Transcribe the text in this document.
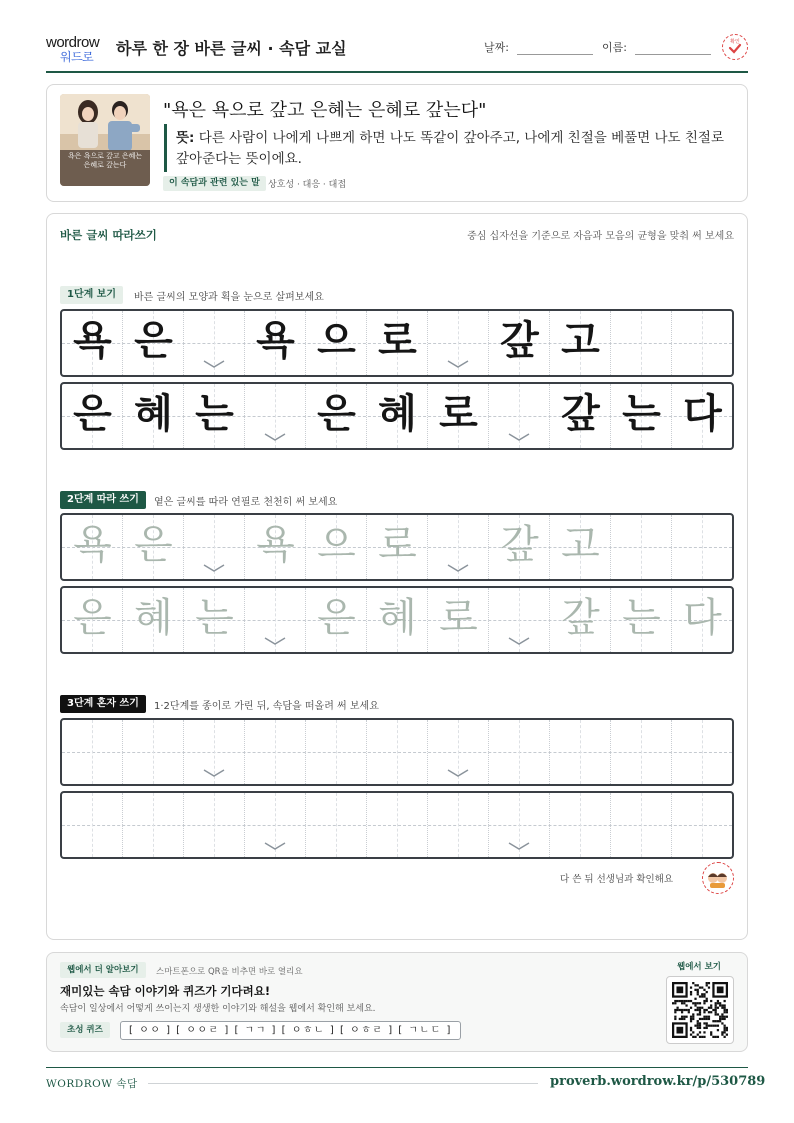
wordrow
워드로 하루 한 장 바른 글씨 · 속담 교실	날짜:	이름:	확인
욕은 욕으로 갚고 은혜는 은혜로 갚는다
"욕은 욕으로 갚고 은혜는 은혜로 갚는다"
뜻: 다른 사람이 나에게 나쁘게 하면 나도 똑같이 갚아주고, 나에게 친절을 베풀면 나도 친절로 갚아준다는 뜻이에요.
이 속담과 관련 있는 말 상호성 · 대응 · 대접
바른 글씨 따라쓰기	중심 십자선을 기준으로 자음과 모음의 균형을 맞춰 써 보세요
1단계 보기	바른 글씨의 모양과 획을 눈으로 살펴보세요
욕 은 욕 으 로 갚 고
은 혜 는 은 혜 로 갚 는 다
2단계 따라 쓰기	옅은 글씨를 따라 연필로 천천히 써 보세요
욕 은 욕 으 로 갚 고
은 혜 는 은 혜 로 갚 는 다
3단계 혼자 쓰기	1·2단계를 종이로 가린 뒤, 속담을 떠올려 써 보세요
다 쓴 뒤 선생님과 확인해요
웹에서 더 알아보기	스마트폰으로 QR을 비추면 바로 열리요
재미있는 속담 이야기와 퀴즈가 기다려요!
속담이 일상에서 어떻게 쓰이는지 생생한 이야기와 해설을 웹에서 확인해 보세요.
초성 퀴즈	[ ㅇㅇ ] [ ㅇㅇㄹ ] [ ㄱㄱ ] [ ㅇㅎㄴ ] [ ㅇㅎㄹ ] [ ㄱㄴㄷ ]
웹에서 보기
WORDROW 속담	proverb.wordrow.kr/p/530789
